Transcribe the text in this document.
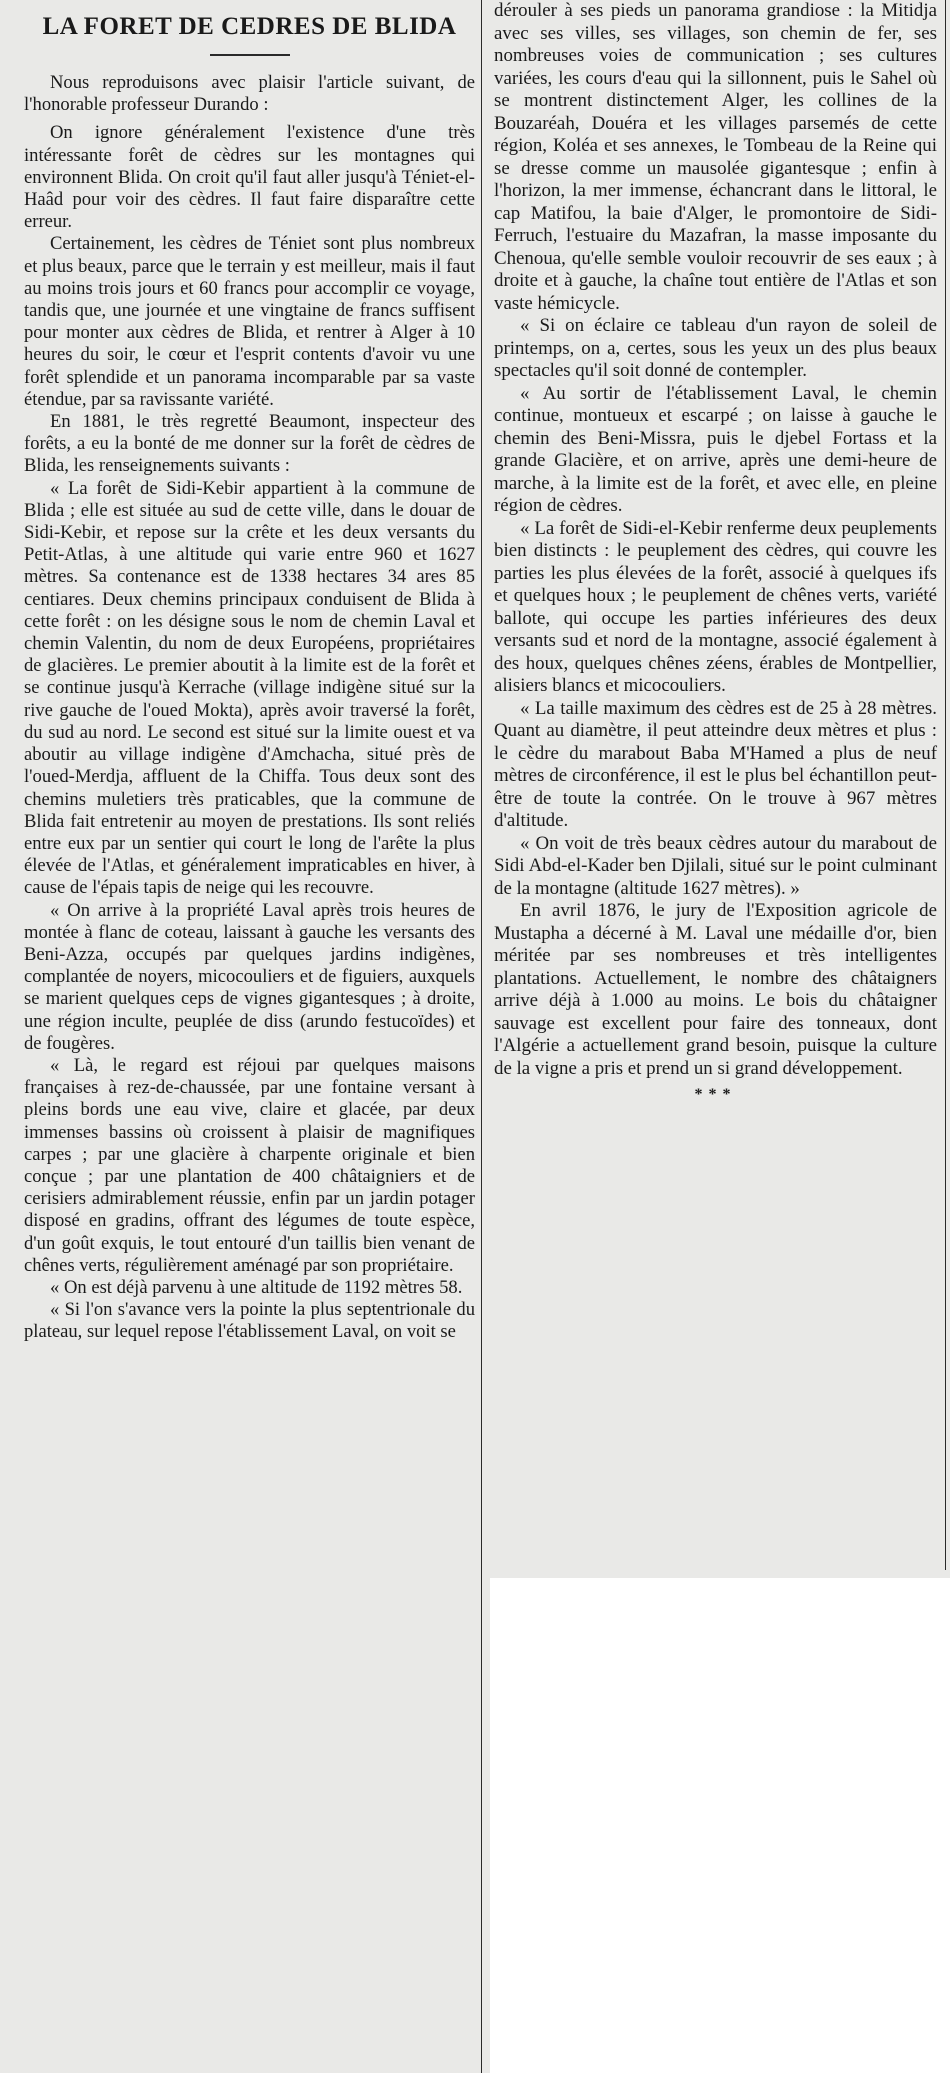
LA FORET DE CEDRES DE BLIDA

Nous reproduisons avec plaisir l'article suivant, de l'honorable professeur Durando :

On ignore généralement l'existence d'une très intéressante forêt de cèdres sur les montagnes qui environnent Blida. On croit qu'il faut aller jusqu'à Téniet-el-Haâd pour voir des cèdres. Il faut faire disparaître cette erreur.

Certainement, les cèdres de Téniet sont plus nombreux et plus beaux, parce que le terrain y est meilleur, mais il faut au moins trois jours et 60 francs pour accomplir ce voyage, tandis que, une journée et une vingtaine de francs suffisent pour monter aux cèdres de Blida, et rentrer à Alger à 10 heures du soir, le cœur et l'esprit contents d'avoir vu une forêt splendide et un panorama incomparable par sa vaste étendue, par sa ravissante variété.

En 1881, le très regretté Beaumont, inspecteur des forêts, a eu la bonté de me donner sur la forêt de cèdres de Blida, les renseignements suivants :

« La forêt de Sidi-Kebir appartient à la commune de Blida ; elle est située au sud de cette ville, dans le douar de Sidi-Kebir, et repose sur la crête et les deux versants du Petit-Atlas, à une altitude qui varie entre 960 et 1627 mètres. Sa contenance est de 1338 hectares 34 ares 85 centiares. Deux chemins principaux conduisent de Blida à cette forêt : on les désigne sous le nom de chemin Laval et chemin Valentin, du nom de deux Européens, propriétaires de glacières. Le premier aboutit à la limite est de la forêt et se continue jusqu'à Kerrache (village indigène situé sur la rive gauche de l'oued Mokta), après avoir traversé la forêt, du sud au nord. Le second est situé sur la limite ouest et va aboutir au village indigène d'Amchacha, situé près de l'oued-Merdja, affluent de la Chiffa. Tous deux sont des chemins muletiers très praticables, que la commune de Blida fait entretenir au moyen de prestations. Ils sont reliés entre eux par un sentier qui court le long de l'arête la plus élevée de l'Atlas, et généralement impraticables en hiver, à cause de l'épais tapis de neige qui les recouvre.

« On arrive à la propriété Laval après trois heures de montée à flanc de coteau, laissant à gauche les versants des Beni-Azza, occupés par quelques jardins indigènes, complantée de noyers, micocouliers et de figuiers, auxquels se marient quelques ceps de vignes gigantesques ; à droite, une région inculte, peuplée de diss (arundo festucoïdes) et de fougères.

« Là, le regard est réjoui par quelques maisons françaises à rez-de-chaussée, par une fontaine versant à pleins bords une eau vive, claire et glacée, par deux immenses bassins où croissent à plaisir de magnifiques carpes ; par une glacière à charpente originale et bien conçue ; par une plantation de 400 châtaigniers et de cerisiers admirablement réussie, enfin par un jardin potager disposé en gradins, offrant des légumes de toute espèce, d'un goût exquis, le tout entouré d'un taillis bien venant de chênes verts, régulièrement aménagé par son propriétaire.

« On est déjà parvenu à une altitude de 1192 mètres 58.

« Si l'on s'avance vers la pointe la plus septentrionale du plateau, sur lequel repose l'établissement Laval, on voit se

dérouler à ses pieds un panorama grandiose : la Mitidja avec ses villes, ses villages, son chemin de fer, ses nombreuses voies de communication ; ses cultures variées, les cours d'eau qui la sillonnent, puis le Sahel où se montrent distinctement Alger, les collines de la Bouzaréah, Douéra et les villages parsemés de cette région, Koléa et ses annexes, le Tombeau de la Reine qui se dresse comme un mausolée gigantesque ; enfin à l'horizon, la mer immense, échancrant dans le littoral, le cap Matifou, la baie d'Alger, le promontoire de Sidi-Ferruch, l'estuaire du Mazafran, la masse imposante du Chenoua, qu'elle semble vouloir recouvrir de ses eaux ; à droite et à gauche, la chaîne tout entière de l'Atlas et son vaste hémicycle.

« Si on éclaire ce tableau d'un rayon de soleil de printemps, on a, certes, sous les yeux un des plus beaux spectacles qu'il soit donné de contempler.

« Au sortir de l'établissement Laval, le chemin continue, montueux et escarpé ; on laisse à gauche le chemin des Beni-Missra, puis le djebel Fortass et la grande Glacière, et on arrive, après une demi-heure de marche, à la limite est de la forêt, et avec elle, en pleine région de cèdres.

« La forêt de Sidi-el-Kebir renferme deux peuplements bien distincts : le peuplement des cèdres, qui couvre les parties les plus élevées de la forêt, associé à quelques ifs et quelques houx ; le peuplement de chênes verts, variété ballote, qui occupe les parties inférieures des deux versants sud et nord de la montagne, associé également à des houx, quelques chênes zéens, érables de Montpellier, alisiers blancs et micocouliers.

« La taille maximum des cèdres est de 25 à 28 mètres. Quant au diamètre, il peut atteindre deux mètres et plus : le cèdre du marabout Baba M'Hamed a plus de neuf mètres de circonférence, il est le plus bel échantillon peut-être de toute la contrée. On le trouve à 967 mètres d'altitude.

« On voit de très beaux cèdres autour du marabout de Sidi Abd-el-Kader ben Djilali, situé sur le point culminant de la montagne (altitude 1627 mètres). »

En avril 1876, le jury de l'Exposition agricole de Mustapha a décerné à M. Laval une médaille d'or, bien méritée par ses nombreuses et très intelligentes plantations. Actuellement, le nombre des châtaigners arrive déjà à 1.000 au moins. Le bois du châtaigner sauvage est excellent pour faire des tonneaux, dont l'Algérie a actuellement grand besoin, puisque la culture de la vigne a pris et prend un si grand développement.

***
